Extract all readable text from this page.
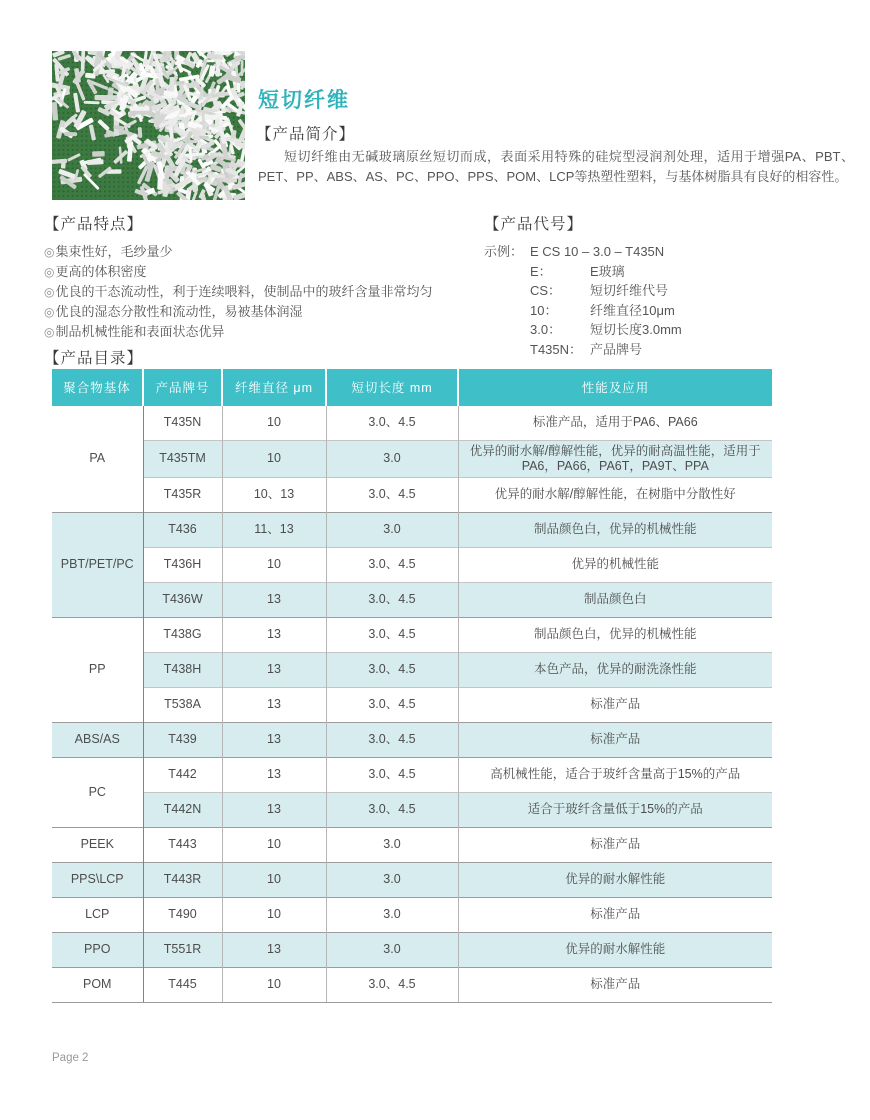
短切纤维
【产品简介】
短切纤维由无碱玻璃原丝短切而成，表面采用特殊的硅烷型浸润剂处理，适用于增强PA、PBT、PET、PP、ABS、AS、PC、PPO、PPS、POM、LCP等热塑性塑料，与基体树脂具有良好的相容性。
【产品特点】
◎集束性好，毛纱量少
◎更高的体积密度
◎优良的干态流动性，利于连续喂料，使制品中的玻纤含量非常均匀
◎优良的湿态分散性和流动性，易被基体润湿
◎制品机械性能和表面状态优异
【产品代号】
示例： E CS 10 – 3.0 – T435N
E：	E玻璃
CS：	短切纤维代号
10：	纤维直径10μm
3.0：	短切长度3.0mm
T435N： 产品牌号
【产品目录】
聚合物基体	产品牌号	纤维直径 μm	短切长度 mm	性能及应用
PA	T435N	10	3.0、4.5	标准产品，适用于PA6、PA66
	T435TM	10	3.0	优异的耐水解/醇解性能，优异的耐高温性能，适用于PA6，PA66，PA6T，PA9T、PPA
	T435R	10、13	3.0、4.5	优异的耐水解/醇解性能，在树脂中分散性好
PBT/PET/PC	T436	11、13	3.0	制品颜色白，优异的机械性能
	T436H	10	3.0、4.5	优异的机械性能
	T436W	13	3.0、4.5	制品颜色白
PP	T438G	13	3.0、4.5	制品颜色白，优异的机械性能
	T438H	13	3.0、4.5	本色产品，优异的耐洗涤性能
	T538A	13	3.0、4.5	标准产品
ABS/AS	T439	13	3.0、4.5	标准产品
PC	T442	13	3.0、4.5	高机械性能，适合于玻纤含量高于15%的产品
	T442N	13	3.0、4.5	适合于玻纤含量低于15%的产品
PEEK	T443	10	3.0	标准产品
PPS\LCP	T443R	10	3.0	优异的耐水解性能
LCP	T490	10	3.0	标准产品
PPO	T551R	13	3.0	优异的耐水解性能
POM	T445	10	3.0、4.5	标准产品
Page 2
